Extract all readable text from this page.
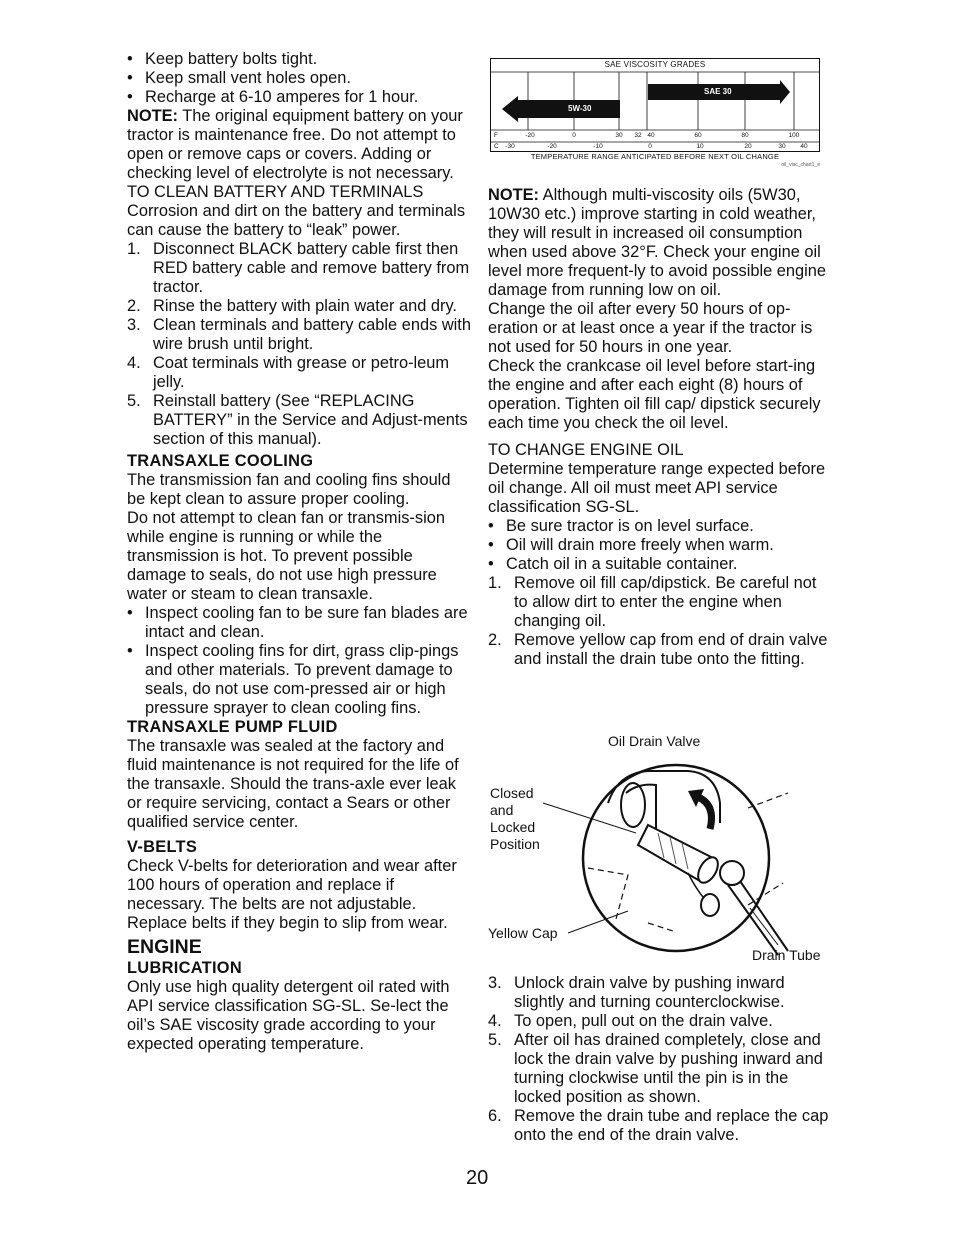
• Keep battery bolts tight.
• Keep small vent holes open.
• Recharge at 6-10 amperes for 1 hour.

NOTE: The original equipment battery on your tractor is maintenance free. Do not attempt to open or remove caps or covers. Adding or checking level of electrolyte is not necessary.

TO CLEAN BATTERY AND TERMINALS

Corrosion and dirt on the battery and terminals can cause the battery to “leak” power.

1. Disconnect BLACK battery cable first then RED battery cable and remove battery from tractor.
2. Rinse the battery with plain water and dry.
3. Clean terminals and battery cable ends with wire brush until bright.
4. Coat terminals with grease or petro-leum jelly.
5. Reinstall battery (See “REPLACING BATTERY” in the Service and Adjust-ments section of this manual).

TRANSAXLE COOLING

The transmission fan and cooling fins should be kept clean to assure proper cooling.

Do not attempt to clean fan or transmis-sion while engine is running or while the transmission is hot. To prevent possible damage to seals, do not use high pressure water or steam to clean transaxle.

• Inspect cooling fan to be sure fan blades are intact and clean.
• Inspect cooling fins for dirt, grass clip-pings and other materials. To prevent damage to seals, do not use com-pressed air or high pressure sprayer to clean cooling fins.

TRANSAXLE PUMP FLUID

The transaxle was sealed at the factory and fluid maintenance is not required for the life of the transaxle. Should the trans-axle ever leak or require servicing, contact a Sears or other qualified service center.

V-BELTS

Check V-belts for deterioration and wear after 100 hours of operation and replace if necessary. The belts are not adjustable. Replace belts if they begin to slip from wear.

ENGINE

LUBRICATION

Only use high quality detergent oil rated with API service classification SG-SL. Se-lect the oil’s SAE viscosity grade according to your expected operating temperature.

SAE VISCOSITY GRADES
5W-30
SAE 30
F	-20	0	30	32 40	60	80	100
C	-30	-20	-10	0	10	20	30	40
TEMPERATURE RANGE ANTICIPATED BEFORE NEXT OIL CHANGE
oil_visc_chart1_e

NOTE: Although multi-viscosity oils (5W30, 10W30 etc.) improve starting in cold weather, they will result in increased oil consumption when used above 32°F. Check your engine oil level more frequent-ly to avoid possible engine damage from running low on oil.

Change the oil after every 50 hours of op-eration or at least once a year if the tractor is not used for 50 hours in one year.

Check the crankcase oil level before start-ing the engine and after each eight (8) hours of operation. Tighten oil fill cap/ dipstick securely each time you check the oil level.

TO CHANGE ENGINE OIL

Determine temperature range expected before oil change. All oil must meet API service classification SG-SL.

• Be sure tractor is on level surface.
• Oil will drain more freely when warm.
• Catch oil in a suitable container.
1. Remove oil fill cap/dipstick. Be careful not to allow dirt to enter the engine when changing oil.
2. Remove yellow cap from end of drain valve and install the drain tube onto the fitting.
Oil Drain Valve
Closed
and
Locked
Position
Yellow Cap
Drain Tube
3. Unlock drain valve by pushing inward slightly and turning counterclockwise.
4. To open, pull out on the drain valve.
5. After oil has drained completely, close and lock the drain valve by pushing inward and turning clockwise until the pin is in the locked position as shown.
6. Remove the drain tube and replace the cap onto the end of the drain valve.
20
